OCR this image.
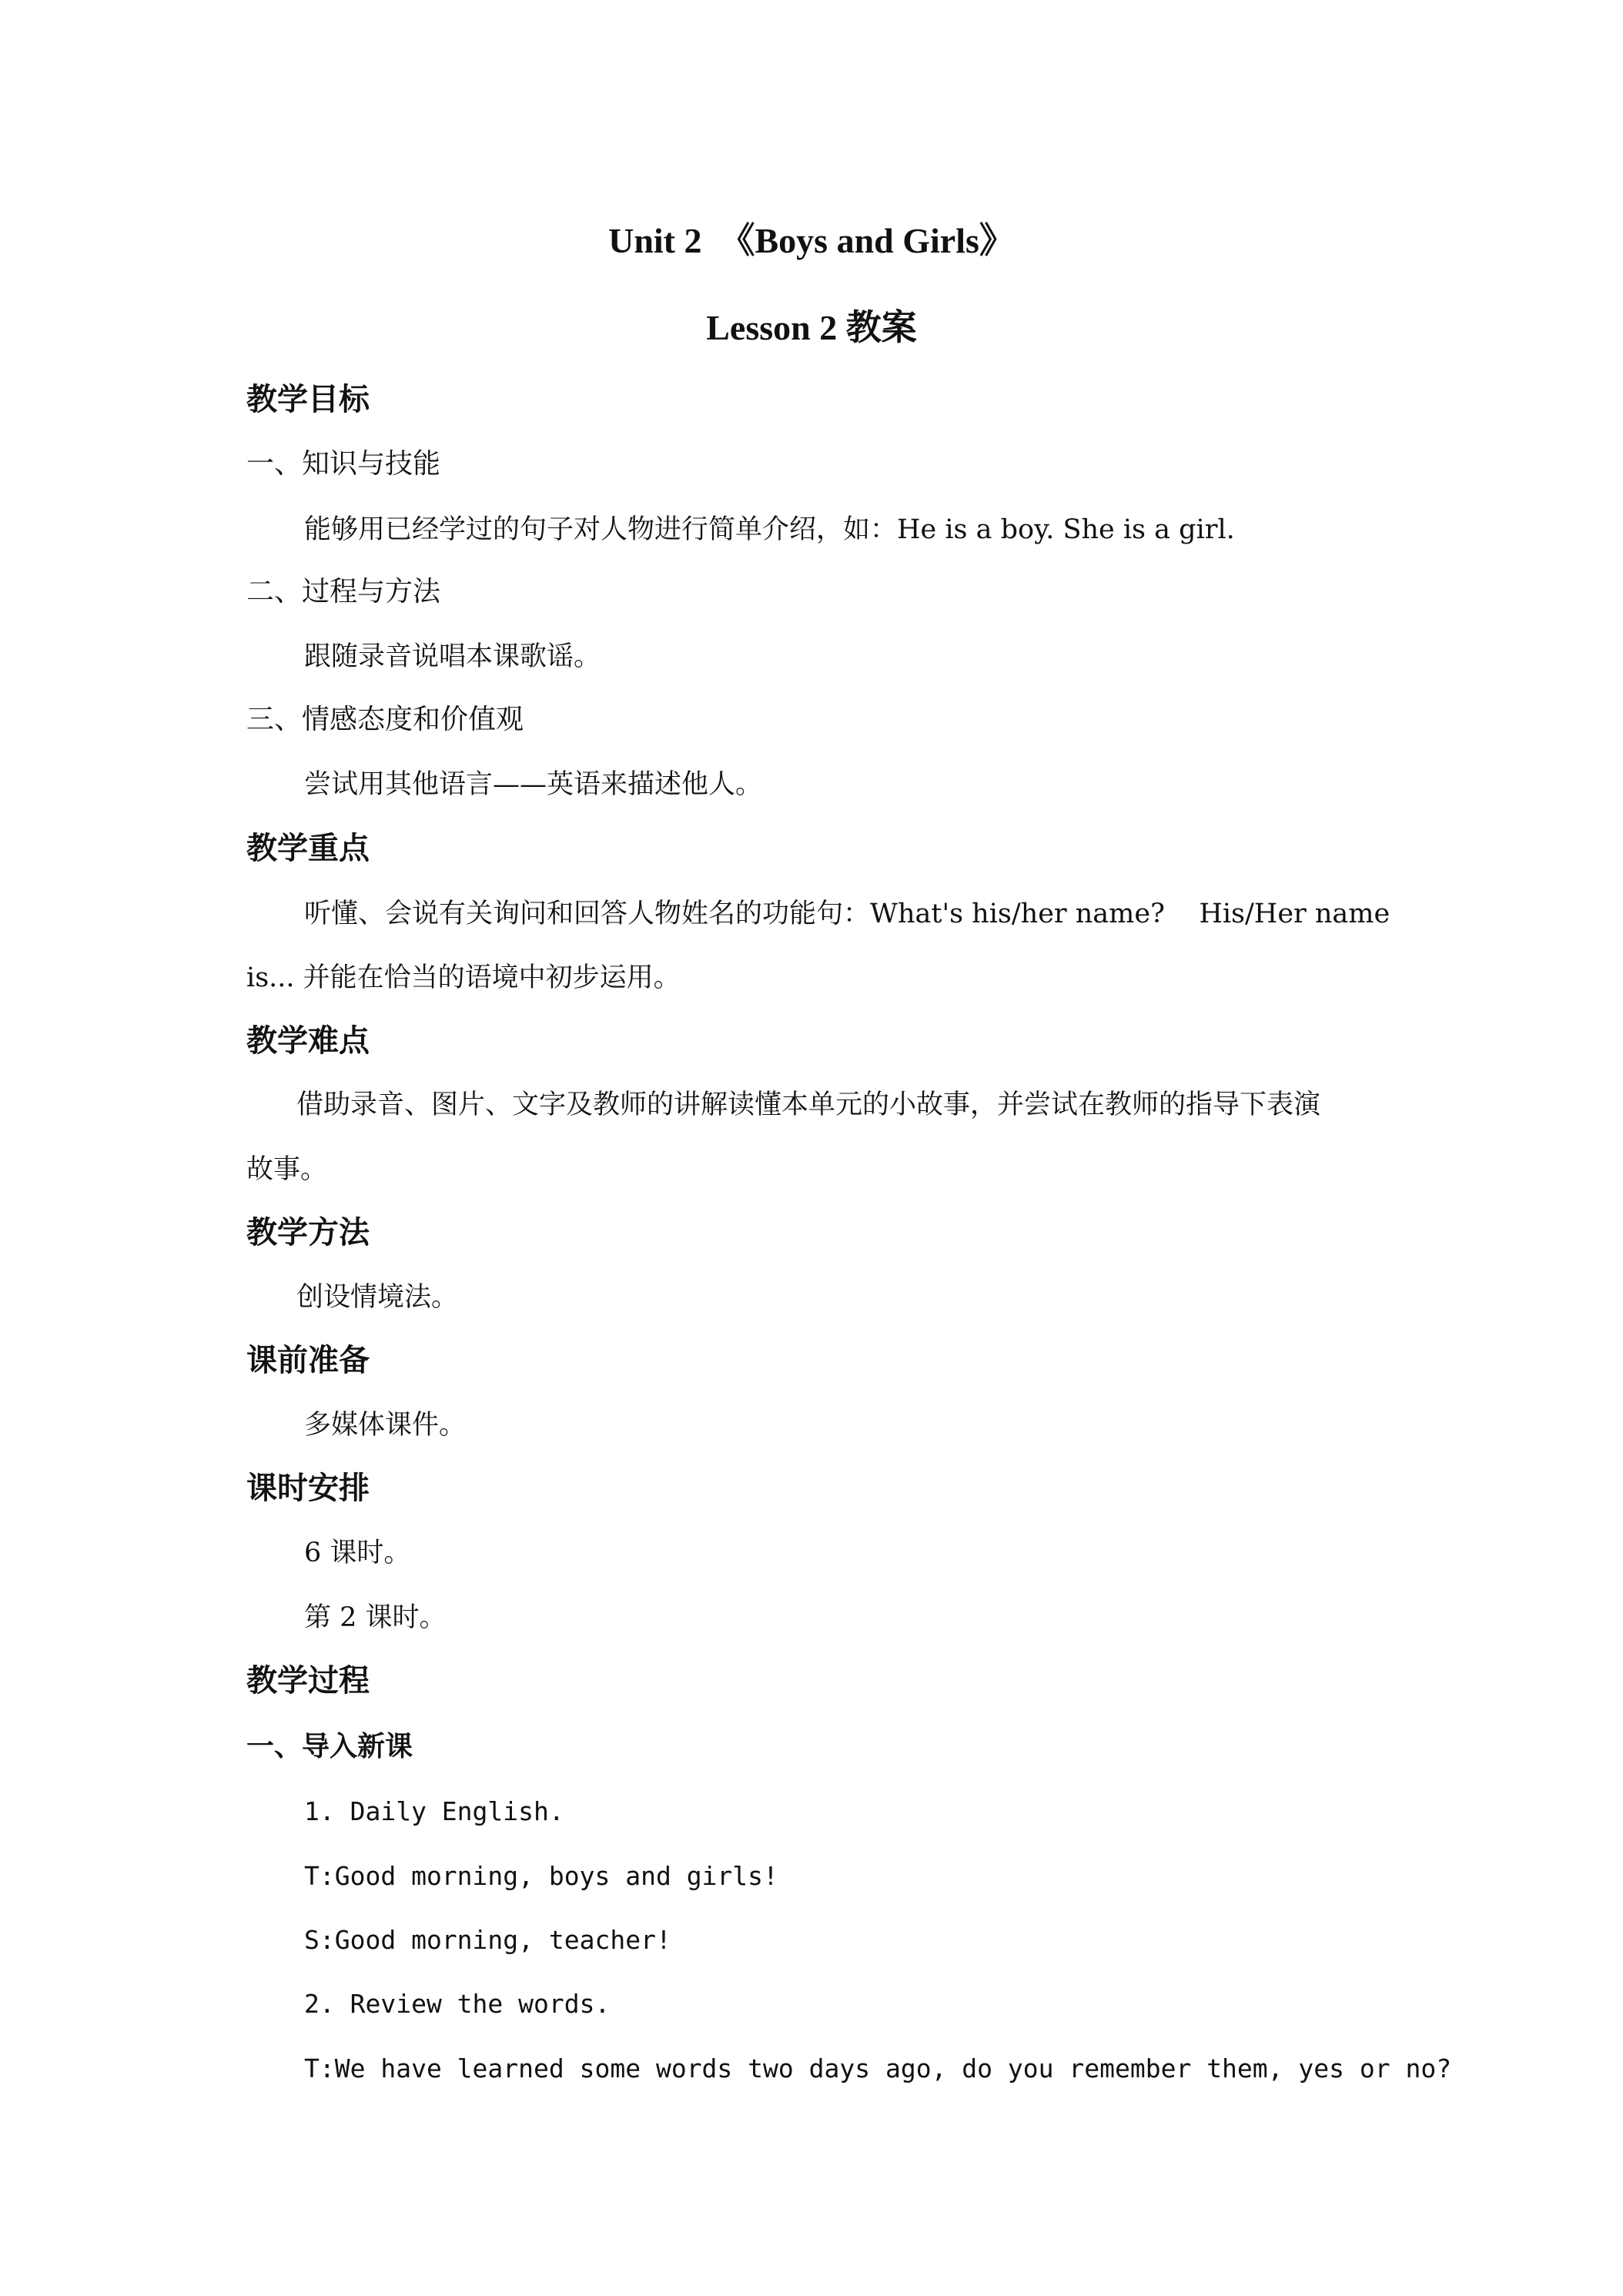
Unit 2  《Boys and Girls》
Lesson 2 教案
教学目标
一、知识与技能
能够用已经学过的句子对人物进行简单介绍，如：He is a boy. She is a girl.
二、过程与方法
跟随录音说唱本课歌谣。
三、情感态度和价值观
尝试用其他语言——英语来描述他人。
教学重点
听懂、会说有关询问和回答人物姓名的功能句：What's his/her name?    His/Her name
is... 并能在恰当的语境中初步运用。
教学难点
借助录音、图片、文字及教师的讲解读懂本单元的小故事，并尝试在教师的指导下表演
故事。
教学方法
创设情境法。
课前准备
多媒体课件。
课时安排
6 课时。
第 2 课时。
教学过程
一、导入新课
1. Daily English.
T:Good morning, boys and girls!
S:Good morning, teacher!
2. Review the words.
T:We have learned some words two days ago, do you remember them, yes or no?
